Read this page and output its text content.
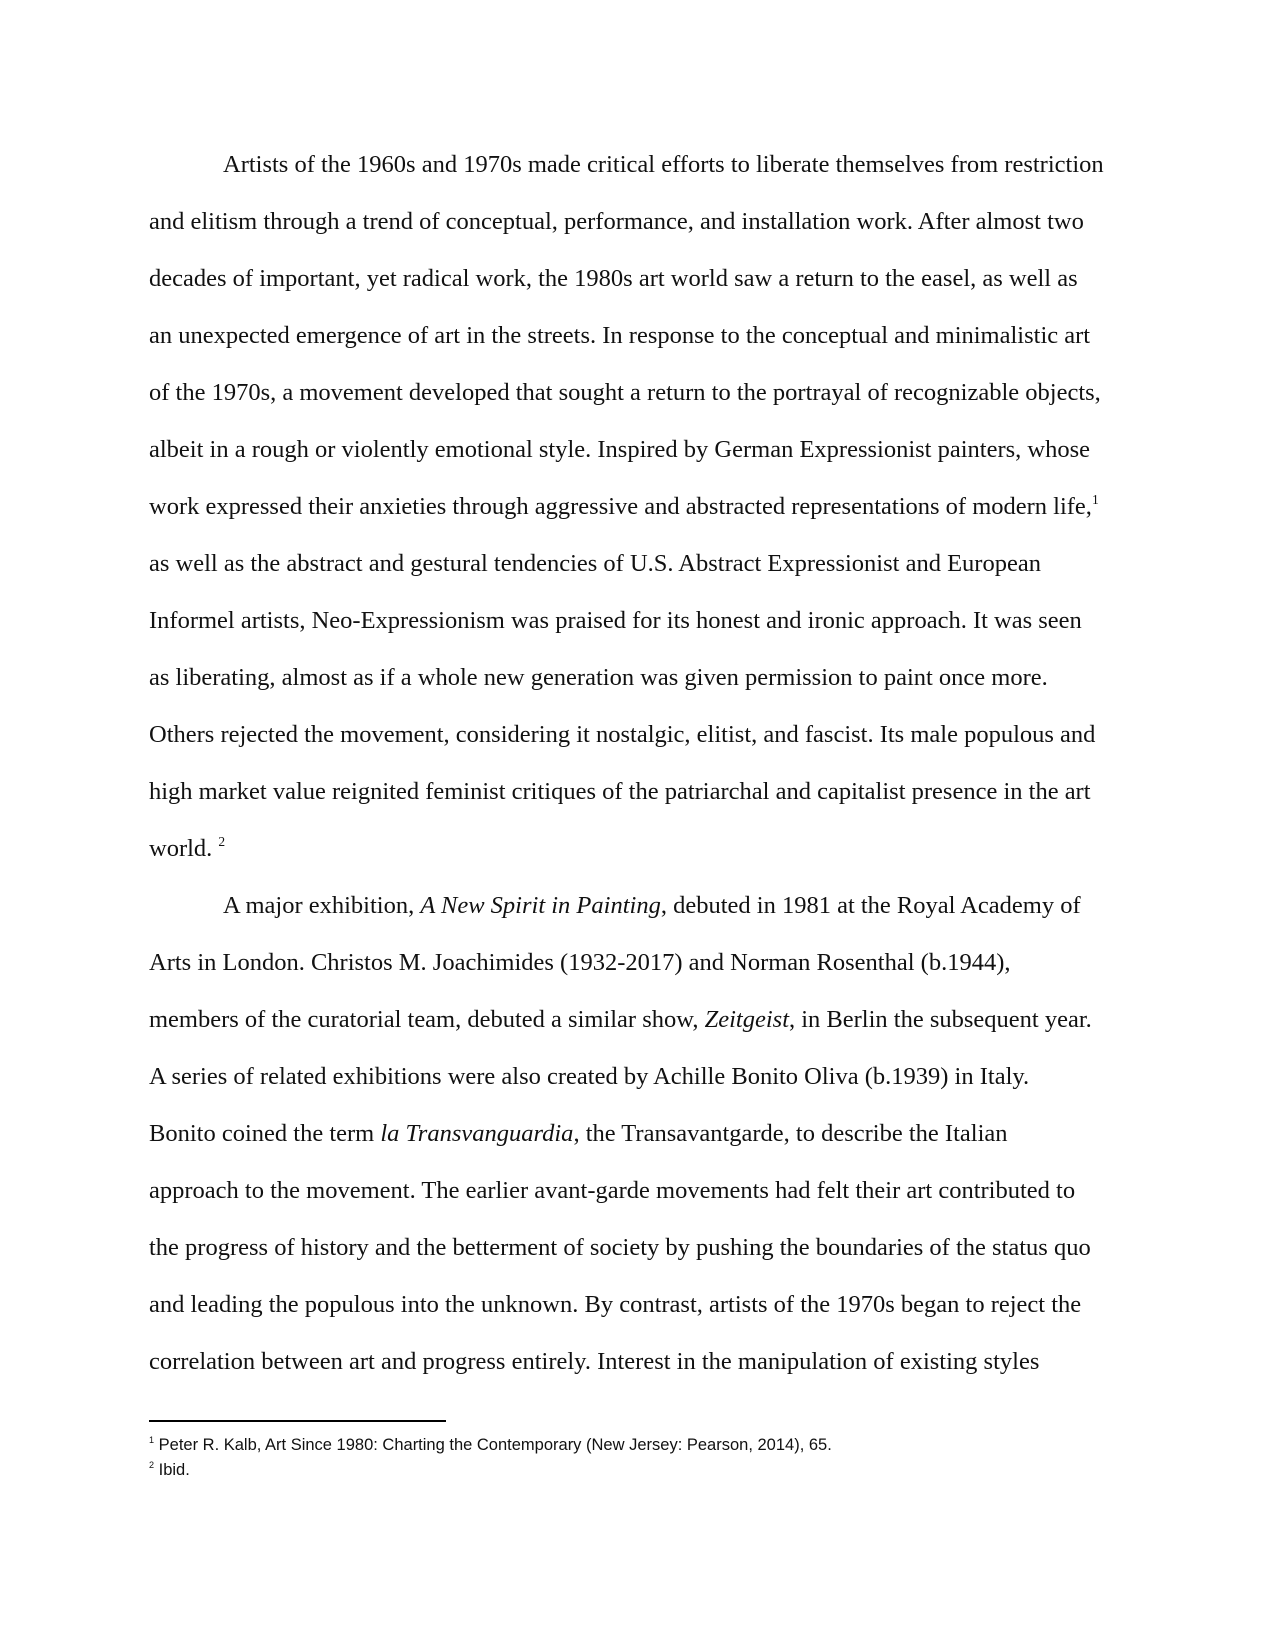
Artists of the 1960s and 1970s made critical efforts to liberate themselves from restriction
and elitism through a trend of conceptual, performance, and installation work. After almost two
decades of important, yet radical work, the 1980s art world saw a return to the easel, as well as
an unexpected emergence of art in the streets. In response to the conceptual and minimalistic art
of the 1970s, a movement developed that sought a return to the portrayal of recognizable objects,
albeit in a rough or violently emotional style. Inspired by German Expressionist painters, whose
work expressed their anxieties through aggressive and abstracted representations of modern life,$^1$
as well as the abstract and gestural tendencies of U.S. Abstract Expressionist and European
Informel artists, Neo-Expressionism was praised for its honest and ironic approach. It was seen
as liberating, almost as if a whole new generation was given permission to paint once more.
Others rejected the movement, considering it nostalgic, elitist, and fascist. Its male populous and
high market value reignited feminist critiques of the patriarchal and capitalist presence in the art
world. $^2$
A major exhibition, A New Spirit in Painting, debuted in 1981 at the Royal Academy of
Arts in London. Christos M. Joachimides (1932-2017) and Norman Rosenthal (b.1944),
members of the curatorial team, debuted a similar show, Zeitgeist, in Berlin the subsequent year.
A series of related exhibitions were also created by Achille Bonito Oliva (b.1939) in Italy.
Bonito coined the term la Transvanguardia, the Transavantgarde, to describe the Italian
approach to the movement. The earlier avant-garde movements had felt their art contributed to
the progress of history and the betterment of society by pushing the boundaries of the status quo
and leading the populous into the unknown. By contrast, artists of the 1970s began to reject the
correlation between art and progress entirely. Interest in the manipulation of existing styles
$^1$ Peter R. Kalb, Art Since 1980: Charting the Contemporary (New Jersey: Pearson, 2014), 65.
$^2$ Ibid.
